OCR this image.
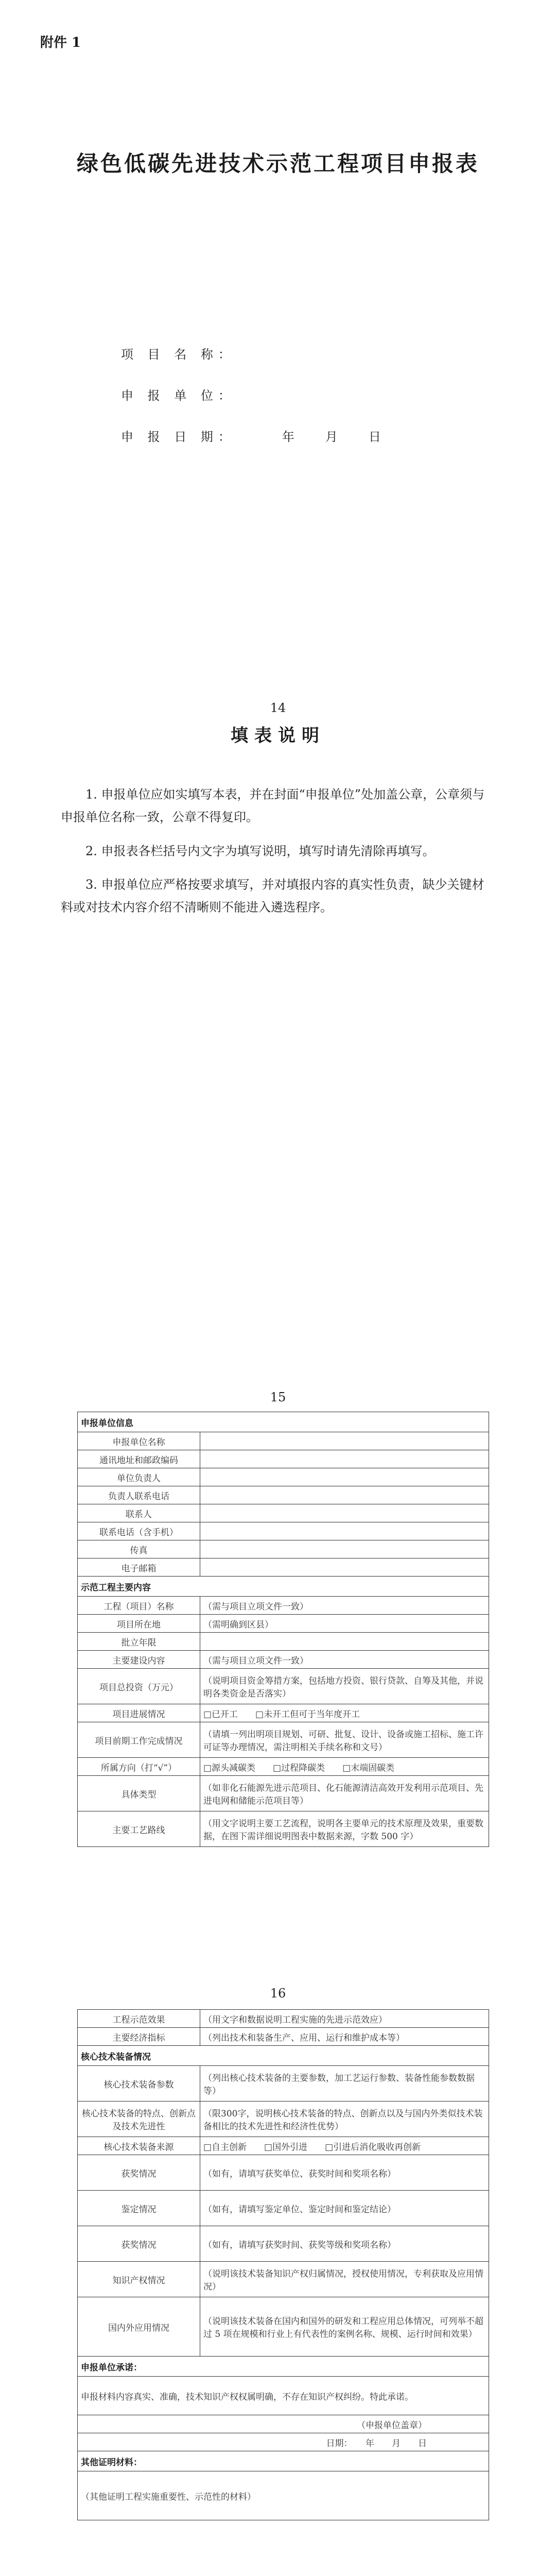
附件 1
绿色低碳先进技术示范工程项目申报表
项 目 名 称：
申 报 单 位：
申 报 日 期：　　　	年　　月　　日
14
填表说明
1. 申报单位应如实填写本表，并在封面“申报单位”处加盖公章，公章须与申报单位名称一致，公章不得复印。
2. 申报表各栏括号内文字为填写说明，填写时请先清除再填写。
3. 申报单位应严格按要求填写，并对填报内容的真实性负责，缺少关键材料或对技术内容介绍不清晰则不能进入遴选程序。
15
申报单位信息	
申报单位名称	
通讯地址和邮政编码	
单位负责人	
负责人联系电话	
联系人	
联系电话（含手机）	
传真	
电子邮箱	
示范工程主要内容	
工程（项目）名称	（需与项目立项文件一致）
项目所在地	（需明确到区县）
批立年限	
主要建设内容	（需与项目立项文件一致）
项目总投资（万元）	（说明项目资金筹措方案，包括地方投资、银行贷款、自筹及其他，并说明各类资金是否落实）
项目进展情况	□已开工　　□未开工但可于当年度开工
项目前期工作完成情况	（请填一列出明项目规划、可研、批复、设计、设备或施工招标、施工许可证等办理情况，需注明相关手续名称和文号）
所属方向（打“√”）	□源头减碳类　　□过程降碳类　　□末端固碳类
具体类型	（如非化石能源先进示范项目、化石能源清洁高效开发利用示范项目、先进电网和储能示范项目等）
主要工艺路线	（用文字说明主要工艺流程，说明各主要单元的技术原理及效果，重要数据，在图下需详细说明图表中数据来源，字数 500 字）
16
工程示范效果	（用文字和数据说明工程实施的先进示范效应）
主要经济指标	（列出技术和装备生产、应用、运行和维护成本等）
核心技术装备情况	
核心技术装备参数	（列出核心技术装备的主要参数，加工艺运行参数、装备性能参数数据等）
核心技术装备的特点、创新点及技术先进性	（限300字，说明核心技术装备的特点、创新点以及与国内外类似技术装备相比的技术先进性和经济性优势）
核心技术装备来源	□自主创新　　□国外引进　　□引进后消化吸收再创新
获奖情况	（如有，请填写获奖单位、获奖时间和奖项名称）
鉴定情况	（如有，请填写鉴定单位、鉴定时间和鉴定结论）
获奖情况	（如有，请填写获奖时间、获奖等级和奖项名称）
知识产权情况	（说明该技术装备知识产权归属情况，授权使用情况，专利获取及应用情况）
国内外应用情况	（说明该技术装备在国内和国外的研发和工程应用总体情况，可列举不超过 5 项在规模和行业上有代表性的案例名称、规模、运行时间和效果）
申报单位承诺：	
申报材料内容真实、准确，技术知识产权权属明确，不存在知识产权纠纷。特此承诺。	
（申报单位盖章）	
日期：　　年　　月　　日	
其他证明材料：	
（其他证明工程实施重要性、示范性的材料）	
